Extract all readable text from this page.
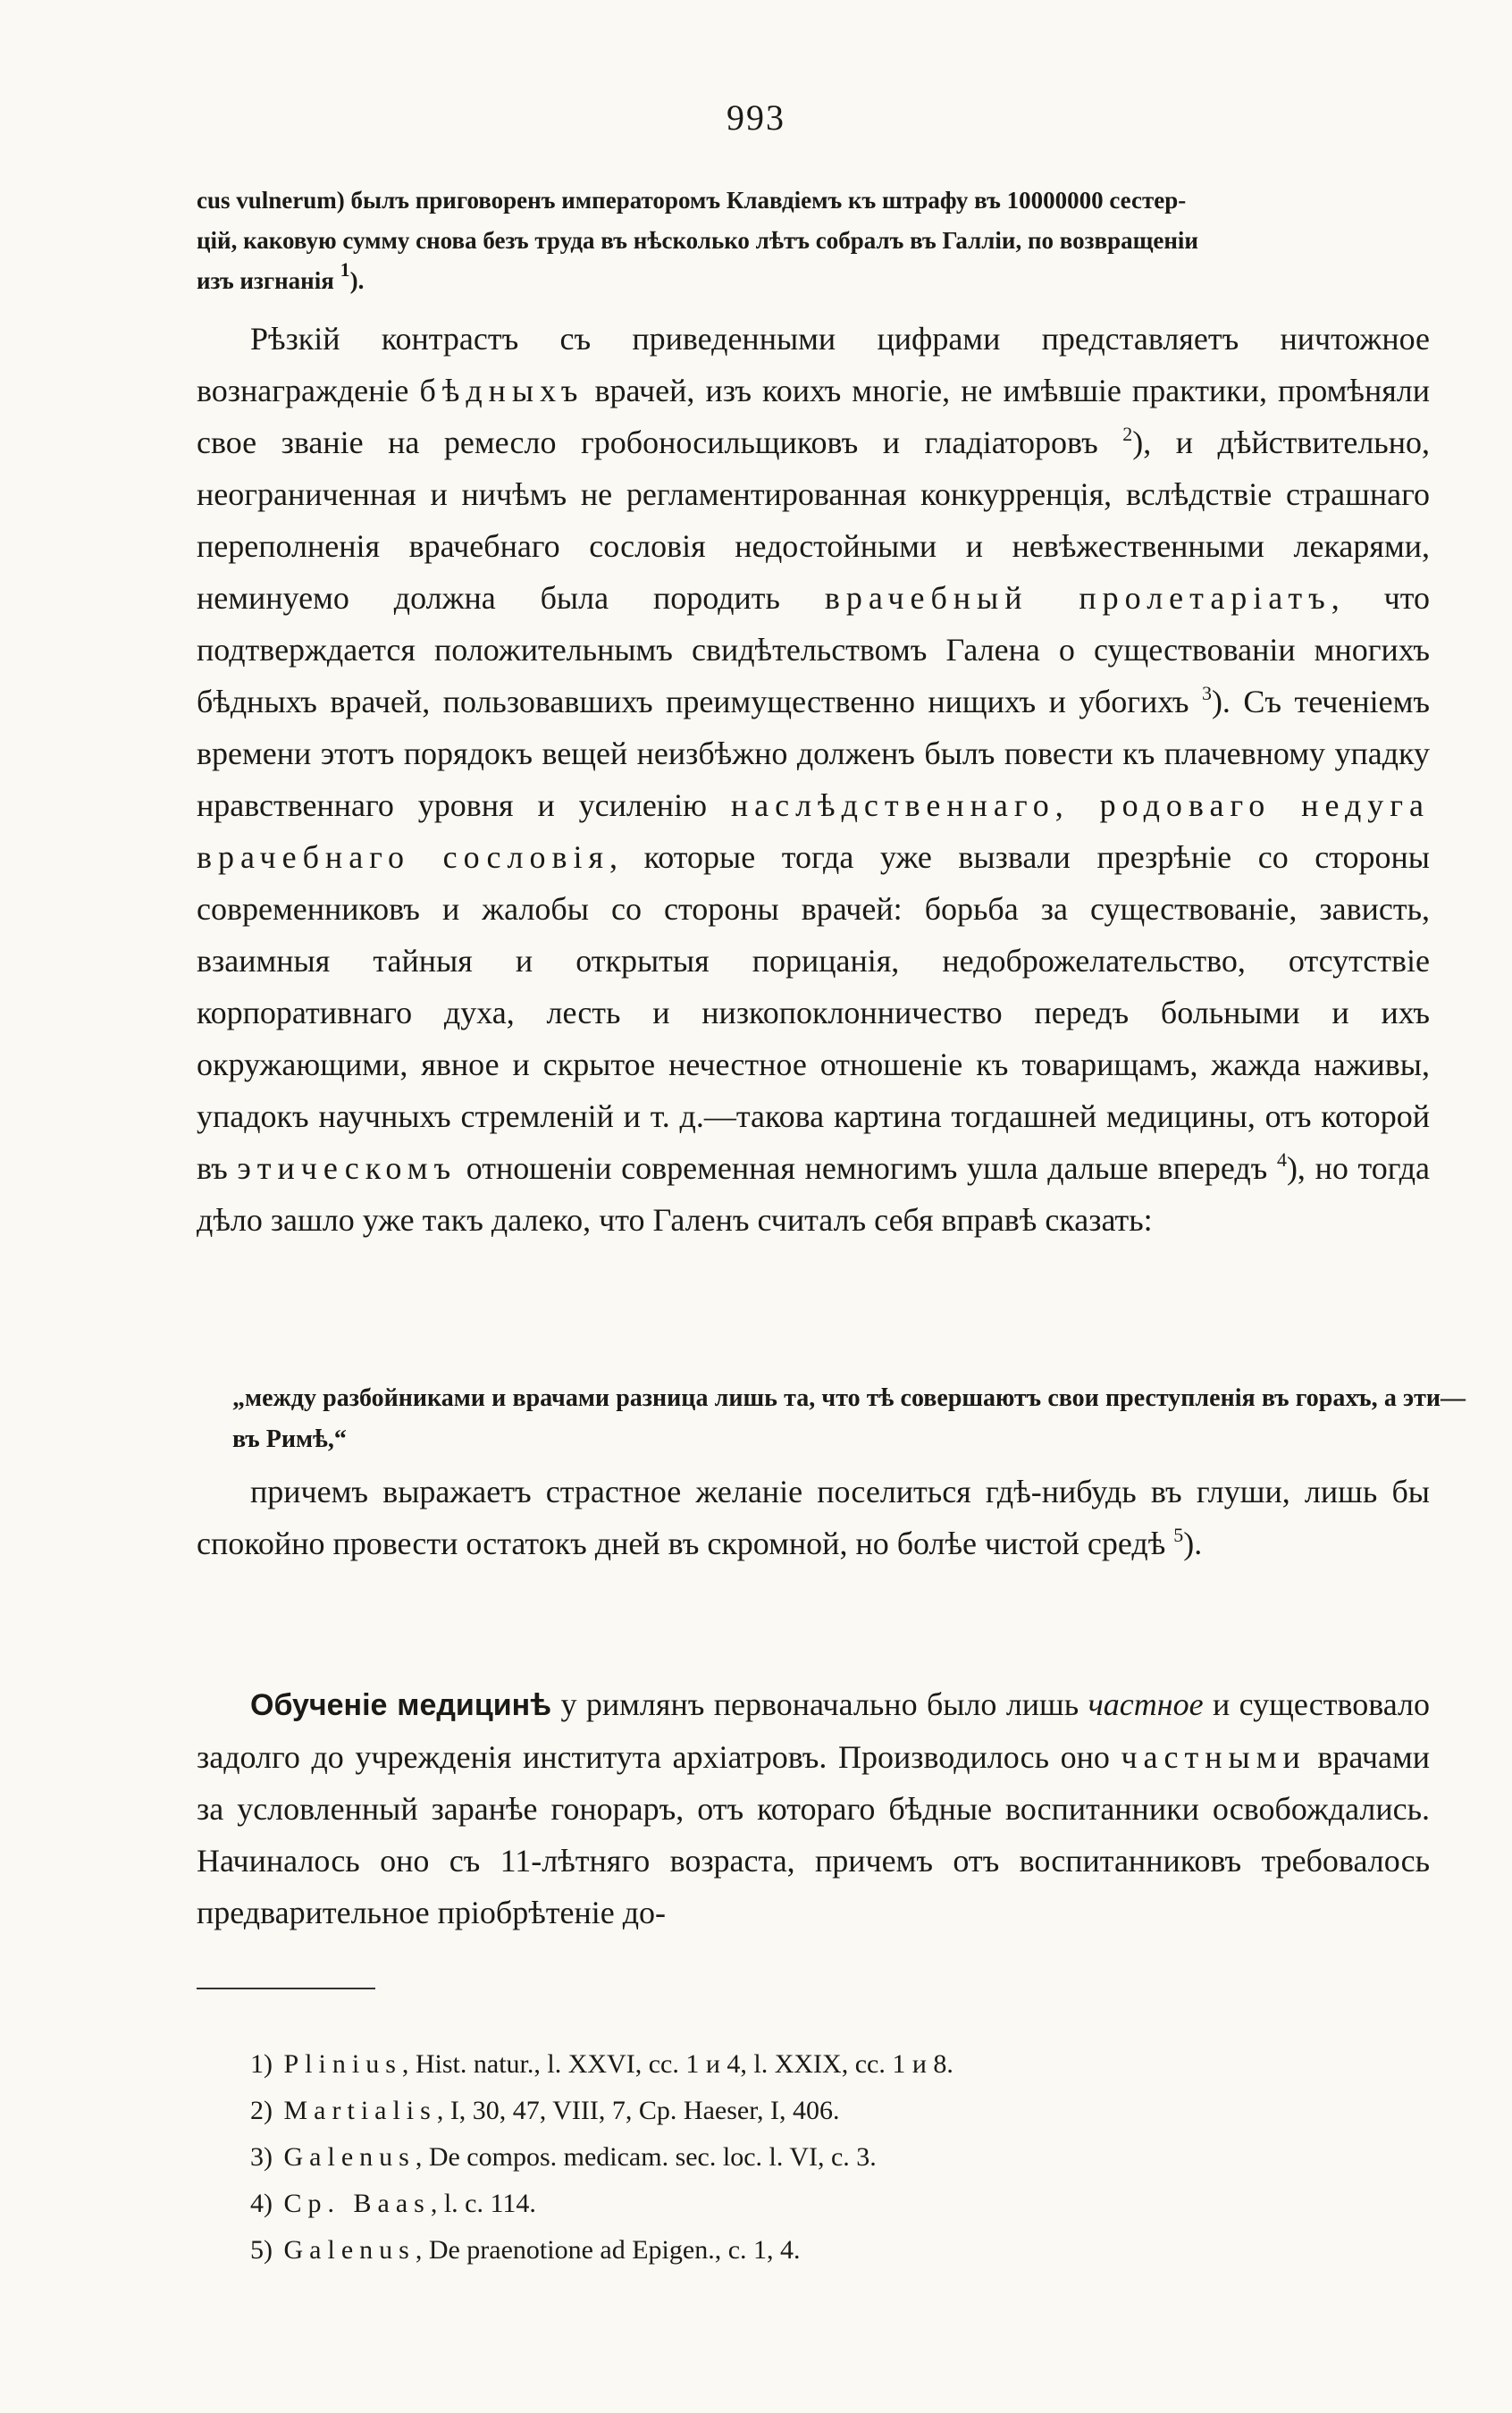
993
cus vulnerum) былъ приговоренъ императоромъ Клавдіемъ къ штрафу въ 10000000 сестер-
цій, каковую сумму снова безъ труда въ нѣсколько лѣтъ собралъ въ Галліи, по возвращеніи
изъ изгнанія $^1$).
Рѣзкій контрастъ съ приведенными цифрами представляетъ ничтожное вознагражденіе бѣдныхъ врачей, изъ коихъ многіе, не имѣвшіе практики, промѣняли свое званіе на ремесло гробоносильщиковъ и гладіаторовъ $^2$), и дѣйствительно, неограниченная и ничѣмъ не регламентированная конкурренція, вслѣдствіе страшнаго переполненія врачебнаго сословія недостойными и невѣжественными лекарями, неминуемо должна была породить врачебный пролетаріатъ, что подтверждается положительнымъ свидѣтельствомъ Галена о существованіи многихъ бѣдныхъ врачей, пользовавшихъ преимущественно нищихъ и убогихъ $^3$). Съ теченіемъ времени этотъ порядокъ вещей неизбѣжно долженъ былъ повести къ плачевному упадку нравственнаго уровня и усиленію наслѣдственнаго, родоваго недуга врачебнаго сословія, которые тогда уже вызвали презрѣніе со стороны современниковъ и жалобы со стороны врачей: борьба за существованіе, зависть, взаимныя тайныя и открытыя порицанія, недоброжелательство, отсутствіе корпоративнаго духа, лесть и низкопоклонничество передъ больными и ихъ окружающими, явное и скрытое нечестное отношеніе къ товарищамъ, жажда наживы, упадокъ научныхъ стремленій и т. д.—такова картина тогдашней медицины, отъ которой въ этическомъ отношеніи современная немногимъ ушла дальше впередъ $^4$), но тогда дѣло зашло уже такъ далеко, что Галенъ считалъ себя вправѣ сказать:
„между разбойниками и врачами разница лишь та, что тѣ совершаютъ свои преступленія въ горахъ, а эти—въ Римѣ,“
причемъ выражаетъ страстное желаніе поселиться гдѣ-нибудь въ глуши, лишь бы спокойно провести остатокъ дней въ скромной, но болѣе чистой средѣ $^5$).
Обученіе медицинѣ у римлянъ первоначально было лишь частное и существовало задолго до учрежденія института архіатровъ. Производилось оно частными врачами за условленный заранѣе гонораръ, отъ котораго бѣдные воспитанники освобождались. Начиналось оно съ 11-лѣтняго возраста, причемъ отъ воспитанниковъ требовалось предварительное пріобрѣтеніе до-
1) Plinius, Hist. natur., l. XXVI, cc. 1 и 4, l. XXIX, cc. 1 и 8.
2) Martialis, I, 30, 47, VIII, 7, Ср. Haeser, I, 406.
3) Galenus, De compos. medicam. sec. loc. l. VI, c. 3.
4) Ср. Baas, l. c. 114.
5) Galenus, De praenotione ad Epigen., c. 1, 4.
